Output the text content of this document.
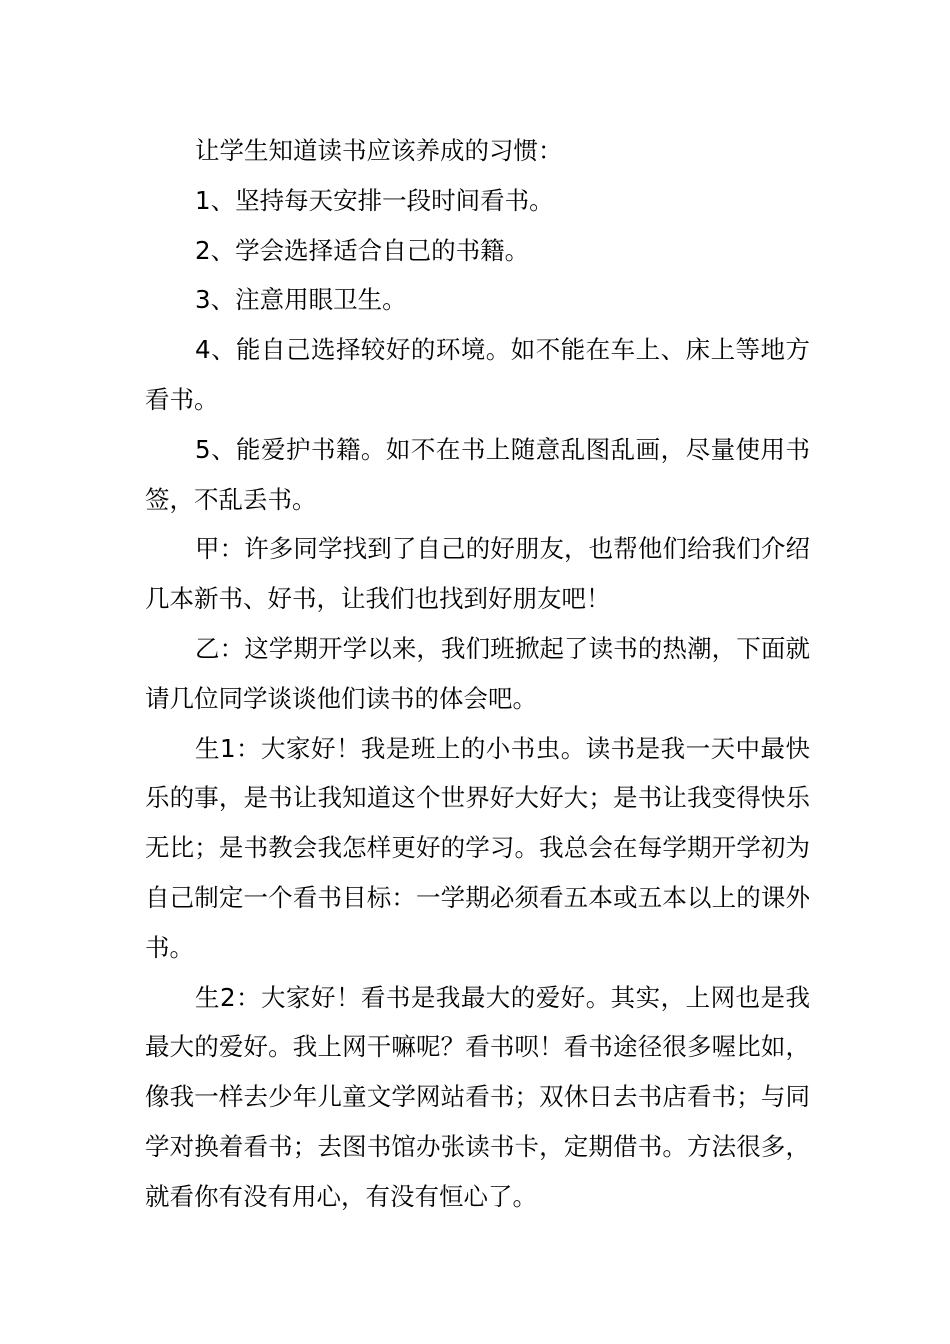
让学生知道读书应该养成的习惯：

1、坚持每天安排一段时间看书。

2、学会选择适合自己的书籍。

3、注意用眼卫生。

4、能自己选择较好的环境。如不能在车上、床上等地方看书。

5、能爱护书籍。如不在书上随意乱图乱画，尽量使用书签，不乱丢书。

甲：许多同学找到了自己的好朋友，也帮他们给我们介绍几本新书、好书，让我们也找到好朋友吧！

乙：这学期开学以来，我们班掀起了读书的热潮，下面就请几位同学谈谈他们读书的体会吧。

生1：大家好！我是班上的小书虫。读书是我一天中最快乐的事，是书让我知道这个世界好大好大；是书让我变得快乐无比；是书教会我怎样更好的学习。我总会在每学期开学初为自己制定一个看书目标：一学期必须看五本或五本以上的课外书。

生2：大家好！看书是我最大的爱好。其实，上网也是我最大的爱好。我上网干嘛呢？看书呗！看书途径很多喔比如，像我一样去少年儿童文学网站看书；双休日去书店看书；与同学对换着看书；去图书馆办张读书卡，定期借书。方法很多，就看你有没有用心，有没有恒心了。
